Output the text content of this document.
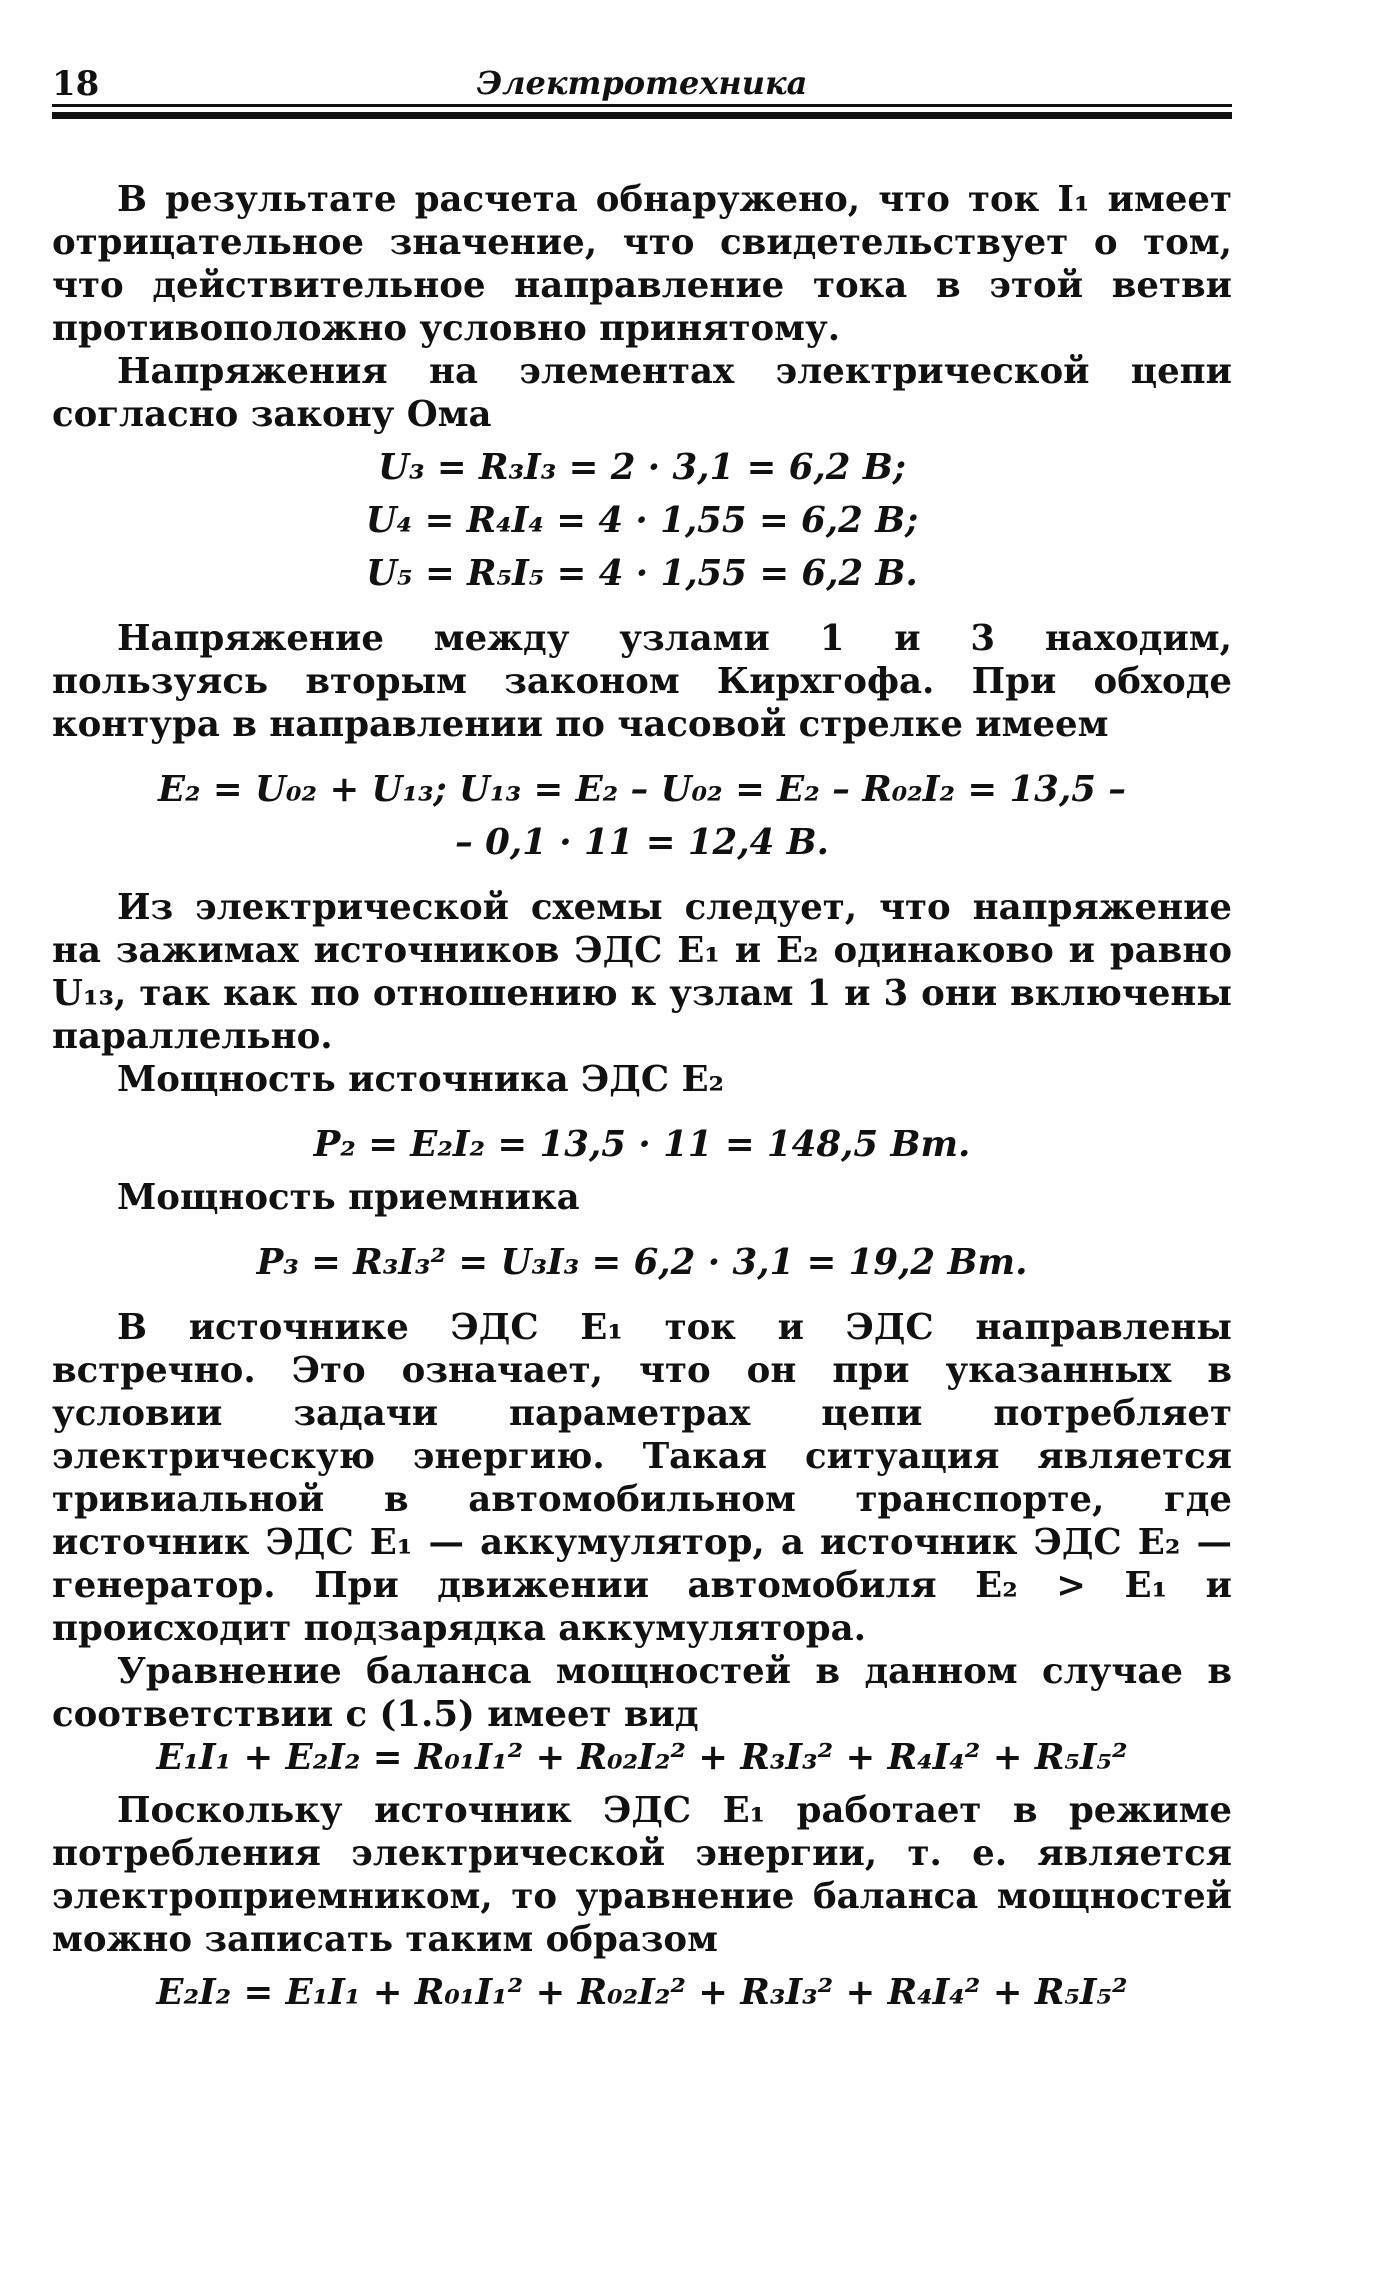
18	Электротехника

В результате расчета обнаружено, что ток I₁ имеет отрицательное значение, что свидетельствует о том, что действительное направление тока в этой ветви противоположно условно принятому.

Напряжения на элементах электрической цепи согласно закону Ома

U₃ = R₃I₃ = 2 · 3,1 = 6,2 В;
U₄ = R₄I₄ = 4 · 1,55 = 6,2 В;
U₅ = R₅I₅ = 4 · 1,55 = 6,2 В.

Напряжение между узлами 1 и 3 находим, пользуясь вторым законом Кирхгофа. При обходе контура в направлении по часовой стрелке имеем

E₂ = U₀₂ + U₁₃; U₁₃ = E₂ – U₀₂ = E₂ – R₀₂I₂ = 13,5 –
– 0,1 · 11 = 12,4 В.

Из электрической схемы следует, что напряжение на зажимах источников ЭДС E₁ и E₂ одинаково и равно U₁₃, так как по отношению к узлам 1 и 3 они включены параллельно.

Мощность источника ЭДС E₂

P₂ = E₂I₂ = 13,5 · 11 = 148,5 Вт.

Мощность приемника

P₃ = R₃I₃² = U₃I₃ = 6,2 · 3,1 = 19,2 Вт.

В источнике ЭДС E₁ ток и ЭДС направлены встречно. Это означает, что он при указанных в условии задачи параметрах цепи потребляет электрическую энергию. Такая ситуация является тривиальной в автомобильном транспорте, где источник ЭДС E₁ — аккумулятор, а источник ЭДС E₂ — генератор. При движении автомобиля E₂ > E₁ и происходит подзарядка аккумулятора.

Уравнение баланса мощностей в данном случае в соответствии с (1.5) имеет вид

E₁I₁ + E₂I₂ = R₀₁I₁² + R₀₂I₂² + R₃I₃² + R₄I₄² + R₅I₅²

Поскольку источник ЭДС E₁ работает в режиме потребления электрической энергии, т. е. является электроприемником, то уравнение баланса мощностей можно записать таким образом

E₂I₂ = E₁I₁ + R₀₁I₁² + R₀₂I₂² + R₃I₃² + R₄I₄² + R₅I₅²
